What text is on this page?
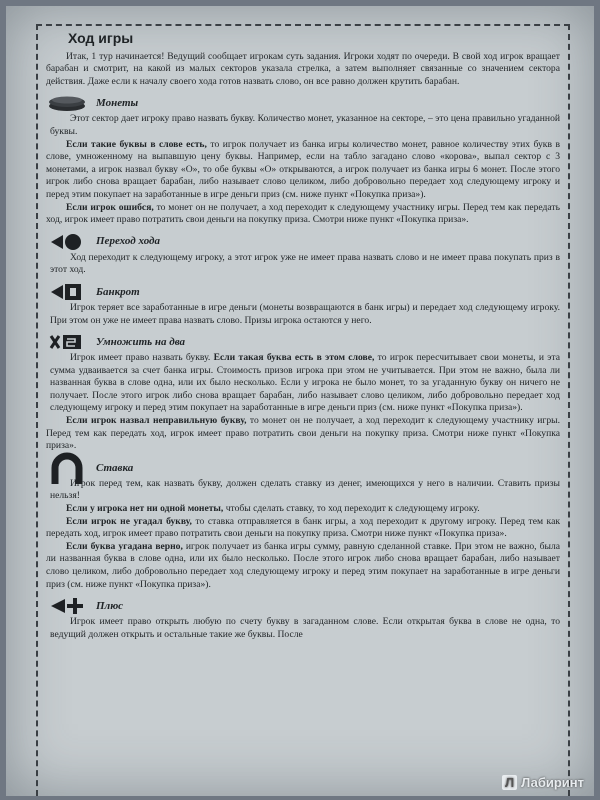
Ход игры

Итак, 1 тур начинается! Ведущий сообщает игрокам суть задания. Игроки ходят по очереди. В свой ход игрок вращает барабан и смотрит, на какой из малых секторов указала стрелка, а затем выполняет связанные со значением сектора действия. Даже если к началу своего хода готов назвать слово, он все равно должен крутить барабан.

Монеты

Этот сектор дает игроку право назвать букву. Количество монет, указанное на секторе, – это цена правильно угаданной буквы.

Если такие буквы в слове есть, то игрок получает из банка игры количество монет, равное количеству этих букв в слове, умноженному на выпавшую цену буквы. Например, если на табло загадано слово «корова», выпал сектор с 3 монетами, а игрок назвал букву «О», то обе буквы «О» открываются, а игрок получает из банка игры 6 монет. После этого игрок либо снова вращает барабан, либо называет слово целиком, либо добровольно передает ход следующему игроку и перед этим покупает на заработанные в игре деньги приз (см. ниже пункт «Покупка приза»).

Если игрок ошибся, то монет он не получает, а ход переходит к следующему участнику игры. Перед тем как передать ход, игрок имеет право потратить свои деньги на покупку приза. Смотри ниже пункт «Покупка приза».

Переход хода

Ход переходит к следующему игроку, а этот игрок уже не имеет права назвать слово и не имеет права покупать приз в этот ход.

Банкрот

Игрок теряет все заработанные в игре деньги (монеты возвращаются в банк игры) и передает ход следующему игроку. При этом он уже не имеет права назвать слово. Призы игрока остаются у него.

Умножить на два

Игрок имеет право назвать букву. Если такая буква есть в этом слове, то игрок пересчитывает свои монеты, и эта сумма удваивается за счет банка игры. Стоимость призов игрока при этом не учитывается. При этом не важно, была ли названная буква в слове одна, или их было несколько. Если у игрока не было монет, то за угаданную букву он ничего не получает. После этого игрок либо снова вращает барабан, либо называет слово целиком, либо добровольно передает ход следующему игроку и перед этим покупает на заработанные в игре деньги приз (см. ниже пункт «Покупка приза»).

Если игрок назвал неправильную букву, то монет он не получает, а ход переходит к следующему участнику игры. Перед тем как передать ход, игрок имеет право потратить свои деньги на покупку приза. Смотри ниже пункт «Покупка приза».

Ставка

Игрок перед тем, как назвать букву, должен сделать ставку из денег, имеющихся у него в наличии. Ставить призы нельзя!

Если у игрока нет ни одной монеты, чтобы сделать ставку, то ход переходит к следующему игроку.

Если игрок не угадал букву, то ставка отправляется в банк игры, а ход переходит к другому игроку. Перед тем как передать ход, игрок имеет право потратить свои деньги на покупку приза. Смотри ниже пункт «Покупка приза».

Если буква угадана верно, игрок получает из банка игры сумму, равную сделанной ставке. При этом не важно, была ли названная буква в слове одна, или их было несколько. После этого игрок либо снова вращает барабан, либо называет слово целиком, либо добровольно передает ход следующему игроку и перед этим покупает на заработанные в игре деньги приз (см. ниже пункт «Покупка приза»).

Плюс

Игрок имеет право открыть любую по счету букву в загаданном слове. Если открытая буква в слове не одна, то ведущий должен открыть и остальные такие же буквы. После

Л Лабиринт
